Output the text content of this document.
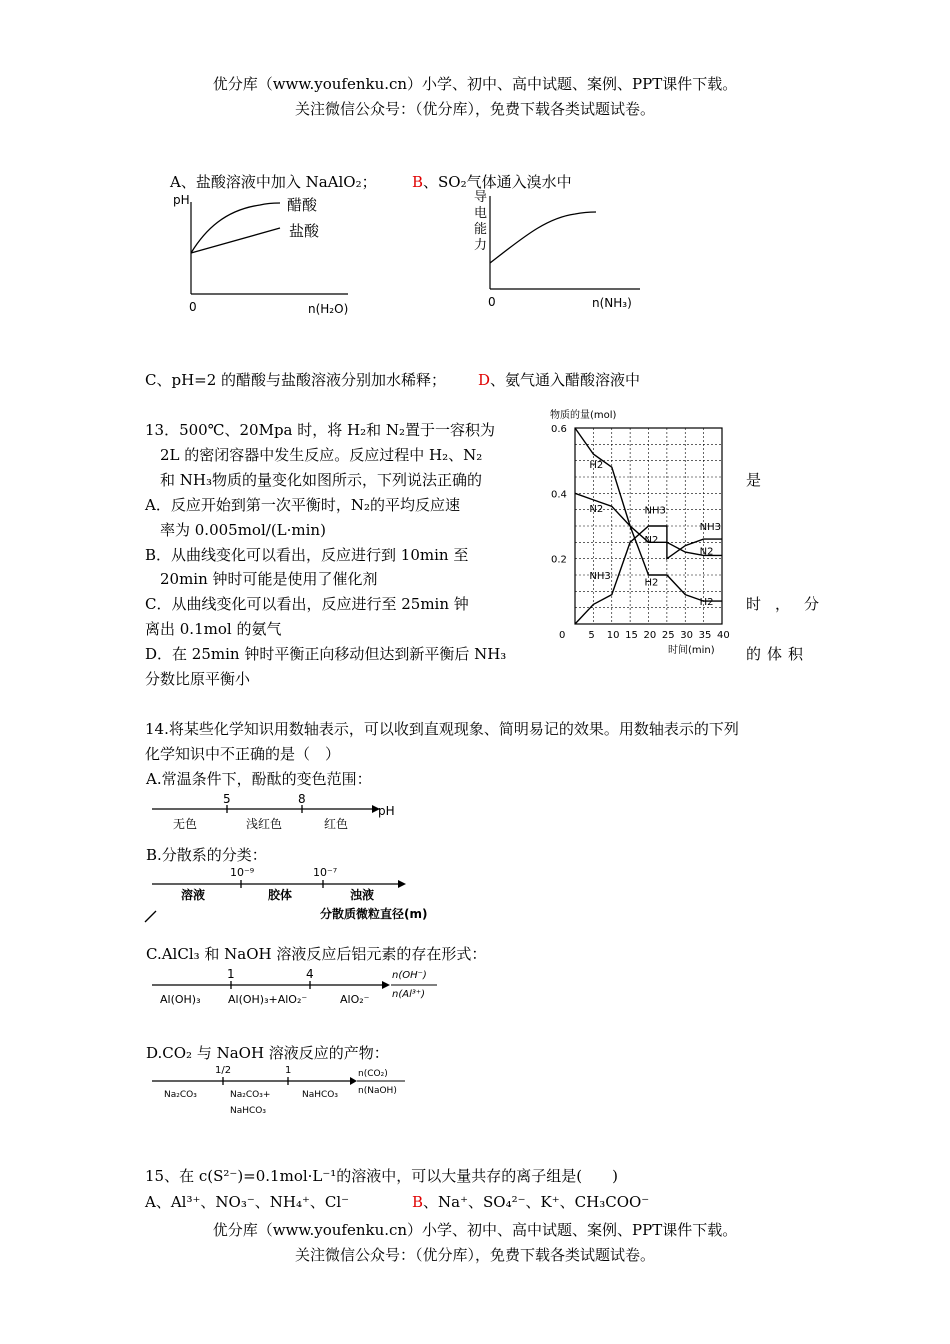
优分库（www.youfenku.cn）小学、初中、高中试题、案例、PPT课件下载。
关注微信公众号：（优分库），免费下载各类试题试卷。
A、盐酸溶液中加入 NaAlO₂； B、SO₂气体通入溴水中
pH
0	n(H₂O)
醋酸
盐酸
0	n(NH₃)
导电能力
C、pH=2 的醋酸与盐酸溶液分别加水稀释； D、氨气通入醋酸溶液中
13．500℃、20Mpa 时，将 H₂和 N₂置于一容积为
2L 的密闭容器中发生反应。反应过程中 H₂、N₂
和 NH₃物质的量变化如图所示，下列说法正确的	是
A．反应开始到第一次平衡时，N₂的平均反应速
率为 0.005mol/(L·min)
B．从曲线变化可以看出，反应进行到 10min 至
20min 钟时可能是使用了催化剂
C．从曲线变化可以看出，反应进行至 25min 钟	时，分
离出 0.1mol 的氨气
D．在 25min 钟时平衡正向移动但达到新平衡后 NH₃	的体积
分数比原平衡小
物质的量(mol)
时间(min)
0 5 10 15 20 25 30 35 40
0.6
0.4
0.2
H2
N2
NH3
NH3
N2
H2
NH3
N2
H2
14.将某些化学知识用数轴表示，可以收到直观现象、简明易记的效果。用数轴表示的下列
化学知识中不正确的是（　）
A.常温条件下，酚酞的变色范围：
5	8
pH
无色	浅红色	红色
B.分散系的分类：
10⁻⁹	10⁻⁷
溶液	胶体	浊液
分散质微粒直径(m)
C.AlCl₃ 和 NaOH 溶液反应后铝元素的存在形式：
1	4	n(OH⁻)
n(Al³⁺)
Al(OH)₃ Al(OH)₃+AlO₂⁻	AlO₂⁻
D.CO₂ 与 NaOH 溶液反应的产物：
1/2	1	n(CO₂)
n(NaOH)
Na₂CO₃	Na₂CO₃+
NaHCO₃
NaHCO₃
15、在 c(S²⁻)=0.1mol·L⁻¹的溶液中，可以大量共存的离子组是(　　)
A、Al³⁺、NO₃⁻、NH₄⁺、Cl⁻	B、Na⁺、SO₄²⁻、K⁺、CH₃COO⁻
优分库（www.youfenku.cn）小学、初中、高中试题、案例、PPT课件下载。
关注微信公众号：（优分库），免费下载各类试题试卷。
